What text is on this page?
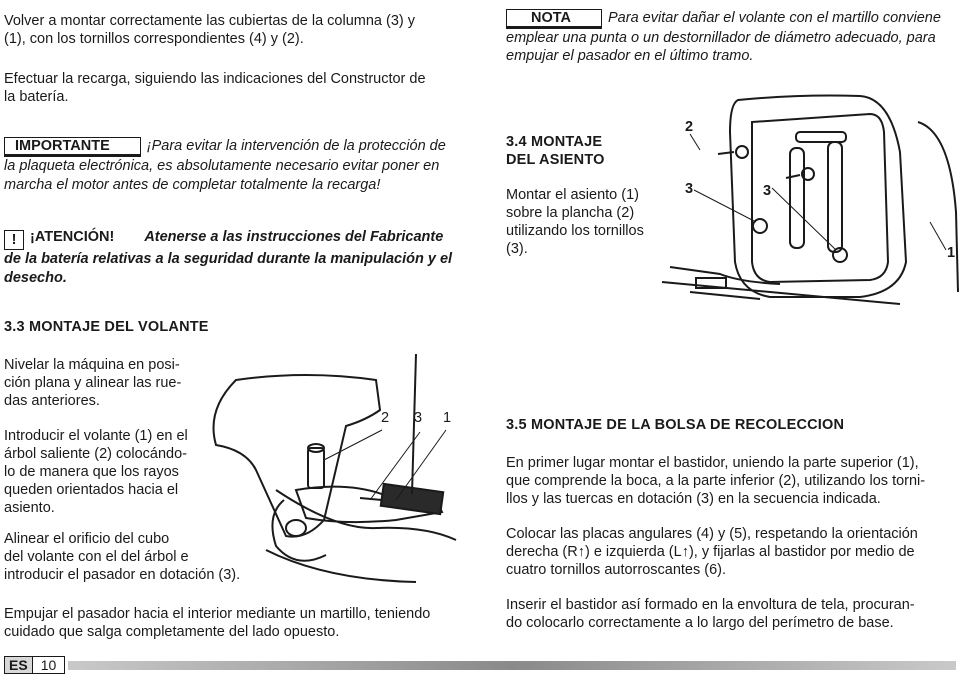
Volver a montar correctamente las cubiertas de la columna (3) y
(1), con los tornillos correspondientes (4) y (2).
Efectuar la recarga, siguiendo las indicaciones del Constructor de
la batería.
IMPORTANTE	¡Para evitar la intervención de la protección de la plaqueta electrónica, es absolutamente necesario evitar poner en marcha el motor antes de completar totalmente la recarga!
! ¡ATENCIÓN! Atenerse a las instrucciones del Fabricante de la batería relativas a la seguridad durante la manipulación y el desecho.
NOTA	Para evitar dañar el volante con el martillo conviene emplear una punta o un destornillador de diámetro adecuado, para empujar el pasador en el último tramo.
3.4 MONTAJE
DEL ASIENTO
Montar el asiento (1)
sobre la plancha (2)
utilizando los tornillos
(3).
2
3	3
1
3.3 MONTAJE DEL VOLANTE
Nivelar la máquina en posi-
ción plana y alinear las rue-
das anteriores.
Introducir el volante (1) en el
árbol saliente (2) colocándo-
lo de manera que los rayos
queden orientados hacia el
asiento.
Alinear el orificio del cubo
del volante con el del árbol e
introducir el pasador en dotación (3).
Empujar el pasador hacia el interior mediante un martillo, teniendo
cuidado que salga completamente del lado opuesto.
2 3 1	3.5 MONTAJE DE LA BOLSA DE RECOLECCION
En primer lugar montar el bastidor, uniendo la parte superior (1),
que comprende la boca, a la parte inferior (2), utilizando los torni-
llos y las tuercas en dotación (3) en la secuencia indicada.
Colocar las placas angulares (4) y (5), respetando la orientación
derecha (R↑) e izquierda (L↑), y fijarlas al bastidor por medio de
cuatro tornillos autorroscantes (6).
Inserir el bastidor así formado en la envoltura de tela, procuran-
do colocarlo correctamente a lo largo del perímetro de base.
ES 10
